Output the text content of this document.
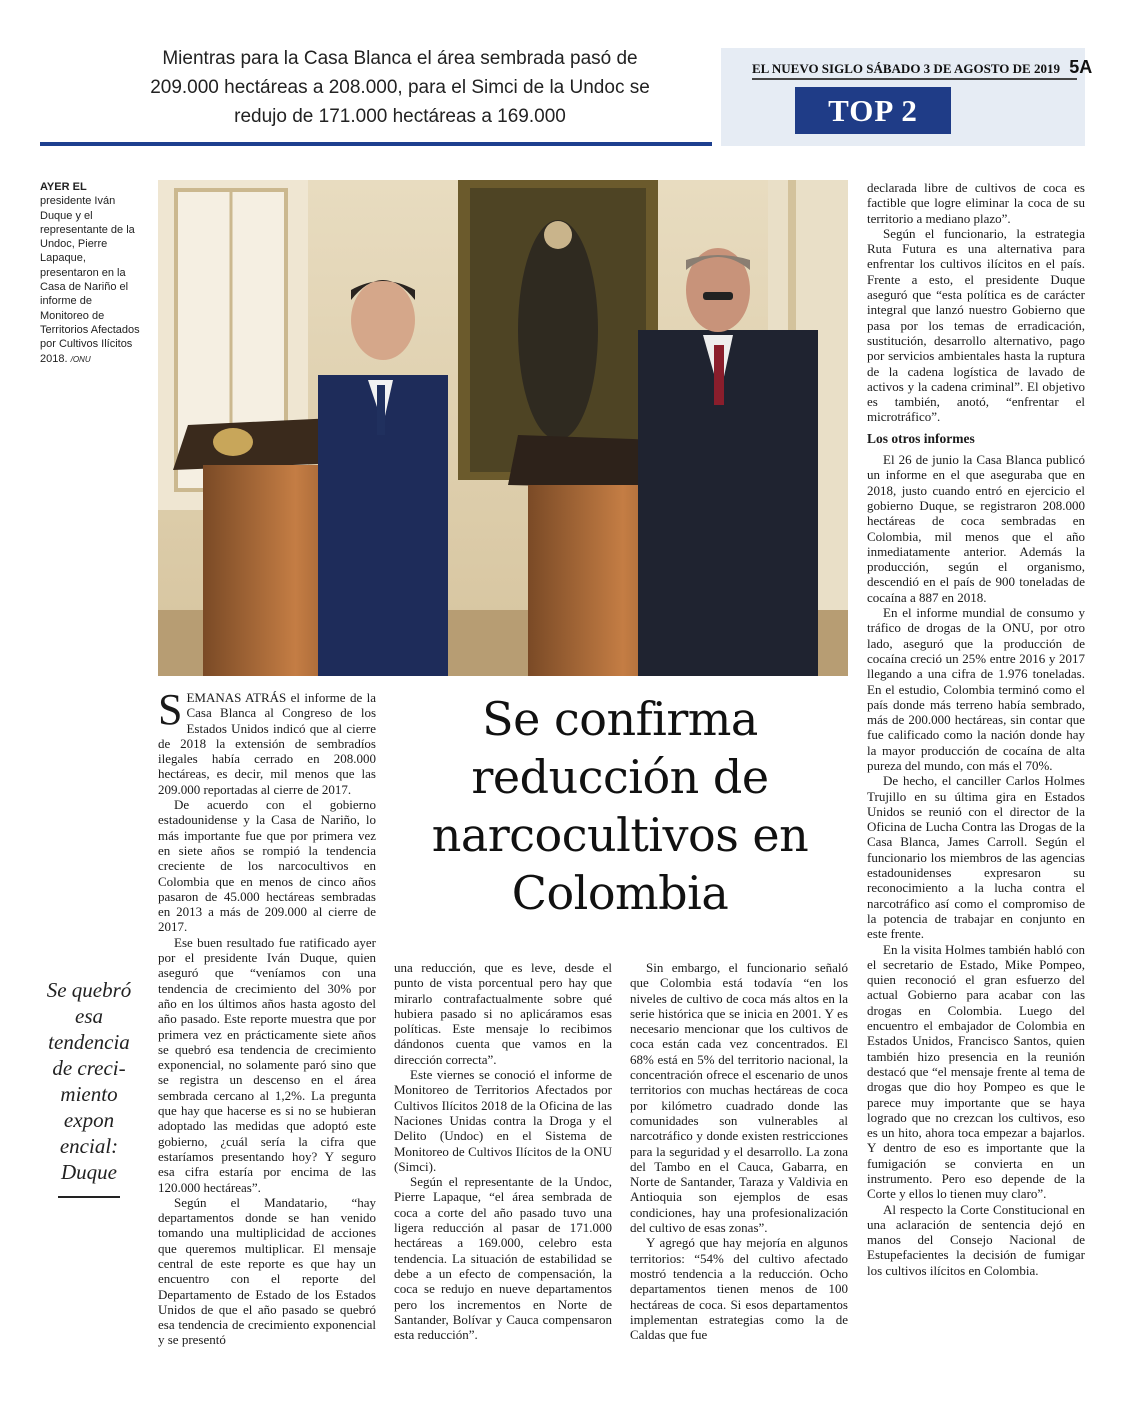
Mientras para la Casa Blanca el área sembrada pasó de 209.000 hectáreas a 208.000, para el Simci de la Undoc se redujo de 171.000 hectáreas a 169.000
EL NUEVO SIGLO SÁBADO 3 DE AGOSTO DE 2019 5A
TOP 2
AYER EL
presidente Iván Duque y el representante de la Undoc, Pierre Lapaque, presentaron en la Casa de Nariño el informe de Monitoreo de Territorios Afectados por Cultivos Ilícitos 2018. /ONU
Se confirma reducción de narcocultivos en Colombia
Se quebró esa tendencia de creci-miento expon encial: Duque

SEMANAS ATRÁS el informe de la Casa Blanca al Congreso de los Estados Unidos indicó que al cierre de 2018 la extensión de sembradíos ilegales había cerrado en 208.000 hectáreas, es decir, mil menos que las 209.000 reportadas al cierre de 2017.

De acuerdo con el gobierno estadounidense y la Casa de Nariño, lo más importante fue que por primera vez en siete años se rompió la tendencia creciente de los narcocultivos en Colombia que en menos de cinco años pasaron de 45.000 hectáreas sembradas en 2013 a más de 209.000 al cierre de 2017.

Ese buen resultado fue ratificado ayer por el presidente Iván Duque, quien aseguró que “veníamos con una tendencia de crecimiento del 30% por año en los últimos años hasta agosto del año pasado. Este reporte muestra que por primera vez en prácticamente siete años se quebró esa tendencia de crecimiento exponencial, no solamente paró sino que se registra un descenso en el área sembrada cercano al 1,2%. La pregunta que hay que hacerse es si no se hubieran adoptado las medidas que adoptó este gobierno, ¿cuál sería la cifra que estaríamos presentando hoy? Y seguro esa cifra estaría por encima de las 120.000 hectáreas”.

Según el Mandatario, “hay departamentos donde se han venido tomando una multiplicidad de acciones que queremos multiplicar. El mensaje central de este reporte es que hay un encuentro con el reporte del Departamento de Estado de los Estados Unidos de que el año pasado se quebró esa tendencia de crecimiento exponencial y se presentó

una reducción, que es leve, desde el punto de vista porcentual pero hay que mirarlo contrafactualmente sobre qué hubiera pasado si no aplicáramos esas políticas. Este mensaje lo recibimos dándonos cuenta que vamos en la dirección correcta”.

Este viernes se conoció el informe de Monitoreo de Territorios Afectados por Cultivos Ilícitos 2018 de la Oficina de las Naciones Unidas contra la Droga y el Delito (Undoc) en el Sistema de Monitoreo de Cultivos Ilícitos de la ONU (Simci).

Según el representante de la Undoc, Pierre Lapaque, “el área sembrada de coca a corte del año pasado tuvo una ligera reducción al pasar de 171.000 hectáreas a 169.000, celebro esta tendencia. La situación de estabilidad se debe a un efecto de compensación, la coca se redujo en nueve departamentos pero los incrementos en Norte de Santander, Bolívar y Cauca compensaron esta reducción”.

Sin embargo, el funcionario señaló que Colombia está todavía “en los niveles de cultivo de coca más altos en la serie histórica que se inicia en 2001. Y es necesario mencionar que los cultivos de coca están cada vez concentrados. El 68% está en 5% del territorio nacional, la concentración ofrece el escenario de unos territorios con muchas hectáreas de coca por kilómetro cuadrado donde las comunidades son vulnerables al narcotráfico y donde existen restricciones para la seguridad y el desarrollo. La zona del Tambo en el Cauca, Gabarra, en Norte de Santander, Taraza y Valdivia en Antioquia son ejemplos de esas condiciones, hay una profesionalización del cultivo de esas zonas”.

Y agregó que hay mejoría en algunos territorios: “54% del cultivo afectado mostró tendencia a la reducción. Ocho departamentos tienen menos de 100 hectáreas de coca. Si esos departamentos implementan estrategias como la de Caldas que fue

declarada libre de cultivos de coca es factible que logre eliminar la coca de su territorio a mediano plazo”.

Según el funcionario, la estrategia Ruta Futura es una alternativa para enfrentar los cultivos ilícitos en el país. Frente a esto, el presidente Duque aseguró que “esta política es de carácter integral que lanzó nuestro Gobierno que pasa por los temas de erradicación, sustitución, desarrollo alternativo, pago por servicios ambientales hasta la ruptura de la cadena logística de lavado de activos y la cadena criminal”. El objetivo es también, anotó, “enfrentar el microtráfico”.

Los otros informes

El 26 de junio la Casa Blanca publicó un informe en el que aseguraba que en 2018, justo cuando entró en ejercicio el gobierno Duque, se registraron 208.000 hectáreas de coca sembradas en Colombia, mil menos que el año inmediatamente anterior. Además la producción, según el organismo, descendió en el país de 900 toneladas de cocaína a 887 en 2018.

En el informe mundial de consumo y tráfico de drogas de la ONU, por otro lado, aseguró que la producción de cocaína creció un 25% entre 2016 y 2017 llegando a una cifra de 1.976 toneladas. En el estudio, Colombia terminó como el país donde más terreno había sembrado, más de 200.000 hectáreas, sin contar que fue calificado como la nación donde hay la mayor producción de cocaína de alta pureza del mundo, con más el 70%.

De hecho, el canciller Carlos Holmes Trujillo en su última gira en Estados Unidos se reunió con el director de la Oficina de Lucha Contra las Drogas de la Casa Blanca, James Carroll. Según el funcionario los miembros de las agencias estadounidenses expresaron su reconocimiento a la lucha contra el narcotráfico así como el compromiso de la potencia de trabajar en conjunto en este frente.

En la visita Holmes también habló con el secretario de Estado, Mike Pompeo, quien reconoció el gran esfuerzo del actual Gobierno para acabar con las drogas en Colombia. Luego del encuentro el embajador de Colombia en Estados Unidos, Francisco Santos, quien también hizo presencia en la reunión destacó que “el mensaje frente al tema de drogas que dio hoy Pompeo es que le parece muy importante que se haya logrado que no crezcan los cultivos, eso es un hito, ahora toca empezar a bajarlos. Y dentro de eso es importante que la fumigación se convierta en un instrumento. Pero eso depende de la Corte y ellos lo tienen muy claro”.

Al respecto la Corte Constitucional en una aclaración de sentencia dejó en manos del Consejo Nacional de Estupefacientes la decisión de fumigar los cultivos ilícitos en Colombia.
